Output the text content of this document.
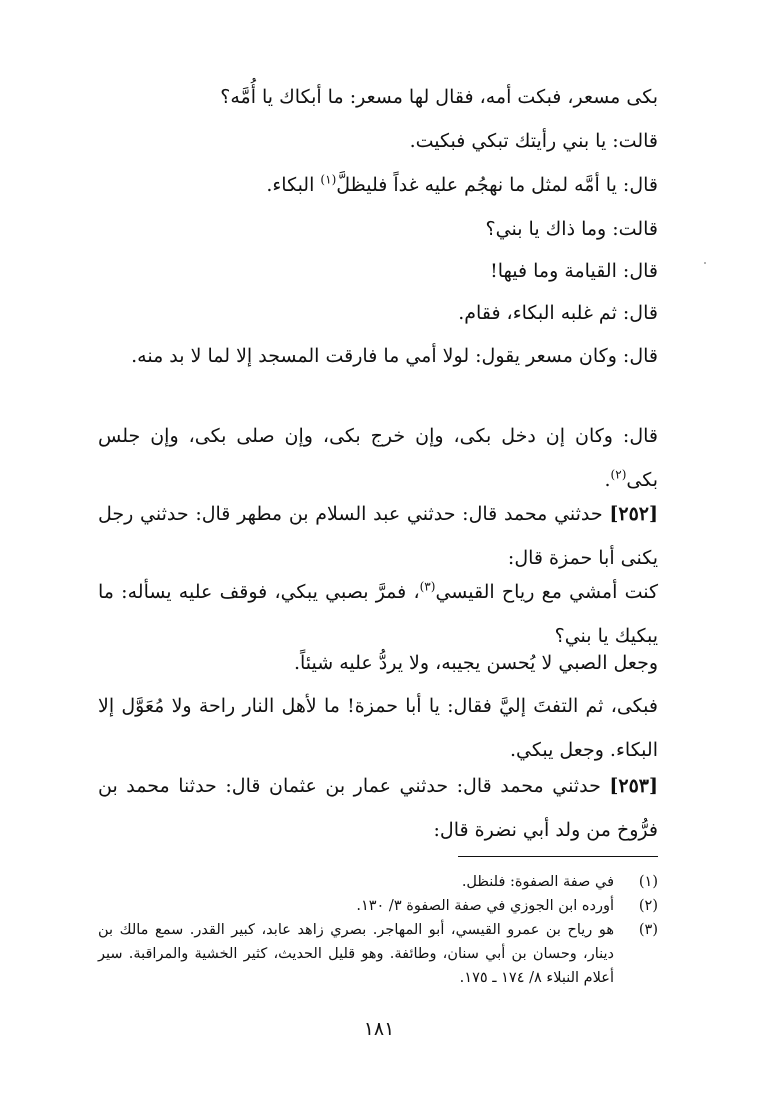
بكى مسعر، فبكت أمه، فقال لها مسعر: ما أبكاك يا أُمَّه؟
قالت: يا بني رأيتك تبكي فبكيت.
قال: يا أمَّه لمثل ما نهجُم عليه غداً فليظلَّ$^{(١)}$ البكاء.
قالت: وما ذاك يا بني؟
قال: القيامة وما فيها!
قال: ثم غلبه البكاء، فقام.
قال: وكان مسعر يقول: لولا أمي ما فارقت المسجد إلا لما لا بد منه.
قال: وكان إن دخل بكى، وإن خرج بكى، وإن صلى بكى، وإن جلس بكى$^{(٢)}$.
[٢٥٢] حدثني محمد قال: حدثني عبد السلام بن مطهر قال: حدثني رجل يكنى أبا حمزة قال:
كنت أمشي مع رياح القيسي$^{(٣)}$، فمرَّ بصبي يبكي، فوقف عليه يسأله: ما يبكيك يا بني؟
وجعل الصبي لا يُحسن يجيبه، ولا يردُّ عليه شيئاً.
فبكى، ثم التفتَ إليَّ فقال: يا أبا حمزة! ما لأهل النار راحة ولا مُعَوَّل إلا البكاء. وجعل يبكي.
[٢٥٣] حدثني محمد قال: حدثني عمار بن عثمان قال: حدثنا محمد بن فرُّوخ من ولد أبي نضرة قال:
(١)
في صفة الصفوة: فلنظل.
(٢)
أورده ابن الجوزي في صفة الصفوة ٣/ ١٣٠.
(٣)
هو رياح بن عمرو القيسي، أبو المهاجر. بصري زاهد عابد، كبير القدر. سمع مالك بن دينار، وحسان بن أبي سنان، وطائفة. وهو قليل الحديث، كثير الخشية والمراقبة. سير أعلام النبلاء ٨/ ١٧٤ ـ ١٧٥.
١٨١
